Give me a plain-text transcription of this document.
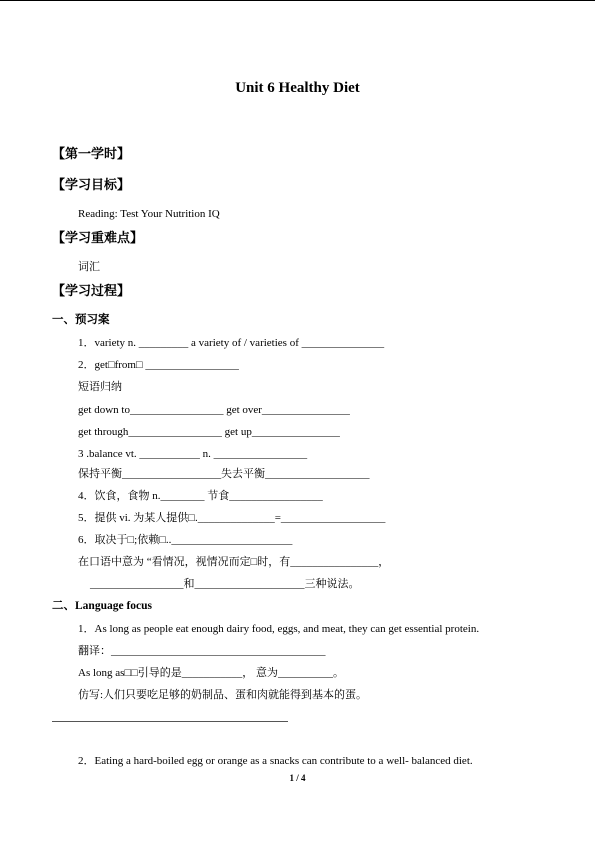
Unit 6 Healthy Diet
【第一学时】
【学习目标】
Reading: Test Your Nutrition IQ
【学习重难点】
词汇
【学习过程】
一、预习案
1．variety n. _________ a variety of / varieties of _______________
2．get□from□ _________________
短语归纳
get down to_________________ get over________________
get through_________________ get up________________
3 .balance vt. ___________ n. _________________
保持平衡__________________失去平衡___________________
4．饮食，食物 n.________ 节食_________________
5．提供 vi. 为某人提供□.______________=___________________
6．取决于□;依赖□..______________________
在口语中意为 “看情况，视情况而定□时，有________________，
_________________和____________________三种说法。
二、Language focus
1．As long as people eat enough dairy food, eggs, and meat, they can get essential protein.
翻译：_______________________________________
As long as□□引导的是___________， 意为__________。
仿写:人们只要吃足够的奶制品、蛋和肉就能得到基本的蛋。
2．Eating a hard-boiled egg or orange as a snacks can contribute to a well- balanced diet.
1 / 4
